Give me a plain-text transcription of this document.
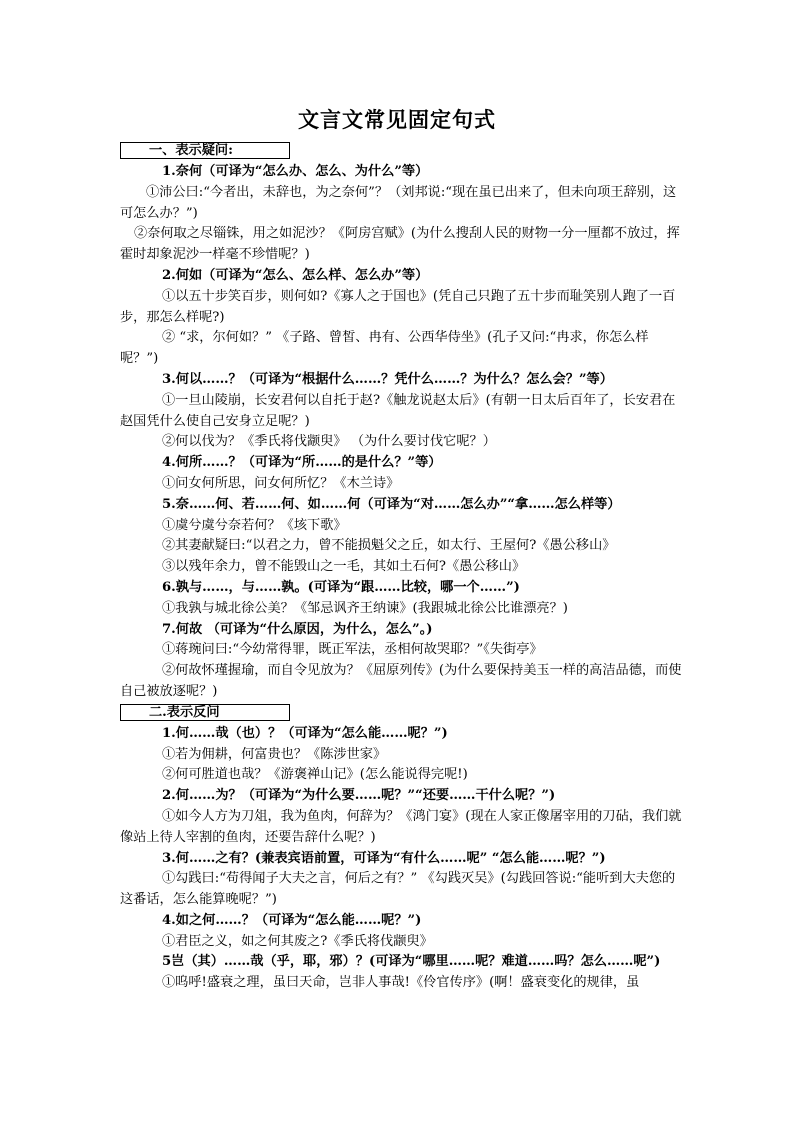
文言文常见固定句式
一、表示疑问:

1.奈何（可译为“怎么办、怎么、为什么”等）

①沛公曰:“今者出，未辞也，为之奈何”？（刘邦说:“现在虽已出来了，但未向项王辞别，这可怎么办？”)

②奈何取之尽锱铢，用之如泥沙？《阿房宫赋》(为什么搜刮人民的财物一分一厘都不放过，挥霍时却象泥沙一样毫不珍惜呢？)

2.何如（可译为“怎么、怎么样、怎么办”等）

①以五十步笑百步，则何如?《寡人之于国也》(凭自己只跑了五十步而耻笑别人跑了一百步，那怎么样呢?)

② “求，尔何如？” 《子路、曾皙、冉有、公西华侍坐》(孔子又问:“冉求，你怎么样呢？”)

3.何以……？（可译为“根据什么……？凭什么……？为什么？怎么会？”等）

①一旦山陵崩，长安君何以自托于赵?《触龙说赵太后》(有朝一日太后百年了，长安君在赵国凭什么使自己安身立足呢？)

②何以伐为？《季氏将伐颛臾》 （为什么要讨伐它呢？）

4.何所……？（可译为“所……的是什么？”等）

①问女何所思，问女何所忆？《木兰诗》

5.奈……何、若……何、如……何（可译为“对……怎么办”“拿……怎么样等）

①虞兮虞兮奈若何？《垓下歌》

②其妻献疑曰:“以君之力，曾不能损魁父之丘，如太行、王屋何?《愚公移山》

③以残年余力，曾不能毁山之一毛，其如土石何?《愚公移山》

6.孰与……，与……孰。(可译为“跟……比较，哪一个……”)

①我孰与城北徐公美？《邹忌讽齐王纳谏》(我跟城北徐公比谁漂亮？)

7.何故 （可译为“什么原因，为什么，怎么”。)

①蒋琬问曰:“今幼常得罪，既正军法，丞相何故哭耶？”《失街亭》

②何故怀瑾握瑜，而自令见放为？《屈原列传》(为什么要保持美玉一样的高洁品德，而使自己被放逐呢？)

二.表示反问

1.何……哉（也）？（可译为“怎么能……呢？”)

①若为佣耕，何富贵也？《陈涉世家》

②何可胜道也哉？《游褒禅山记》(怎么能说得完呢!)

2.何……为？（可译为“为什么要……呢？”“还要……干什么呢？”)

①如今人方为刀俎，我为鱼肉，何辞为？《鸿门宴》(现在人家正像屠宰用的刀砧，我们就像站上待人宰割的鱼肉，还要告辞什么呢？)

3.何……之有？(兼表宾语前置，可译为“有什么……呢” “怎么能……呢？”)

①勾践曰:“苟得闻子大夫之言，何后之有？” 《勾践灭吴》(勾践回答说:“能听到大夫您的这番话，怎么能算晚呢？”)

4.如之何……？（可译为“怎么能……呢？”)

①君臣之义，如之何其废之?《季氏将伐颛臾》

5岂（其）……哉（乎，耶，邪）？(可译为“哪里……呢？难道……吗？怎么……呢”)

①呜呼!盛衰之理，虽曰天命，岂非人事哉!《伶官传序》(啊！盛衰变化的规律，虽
